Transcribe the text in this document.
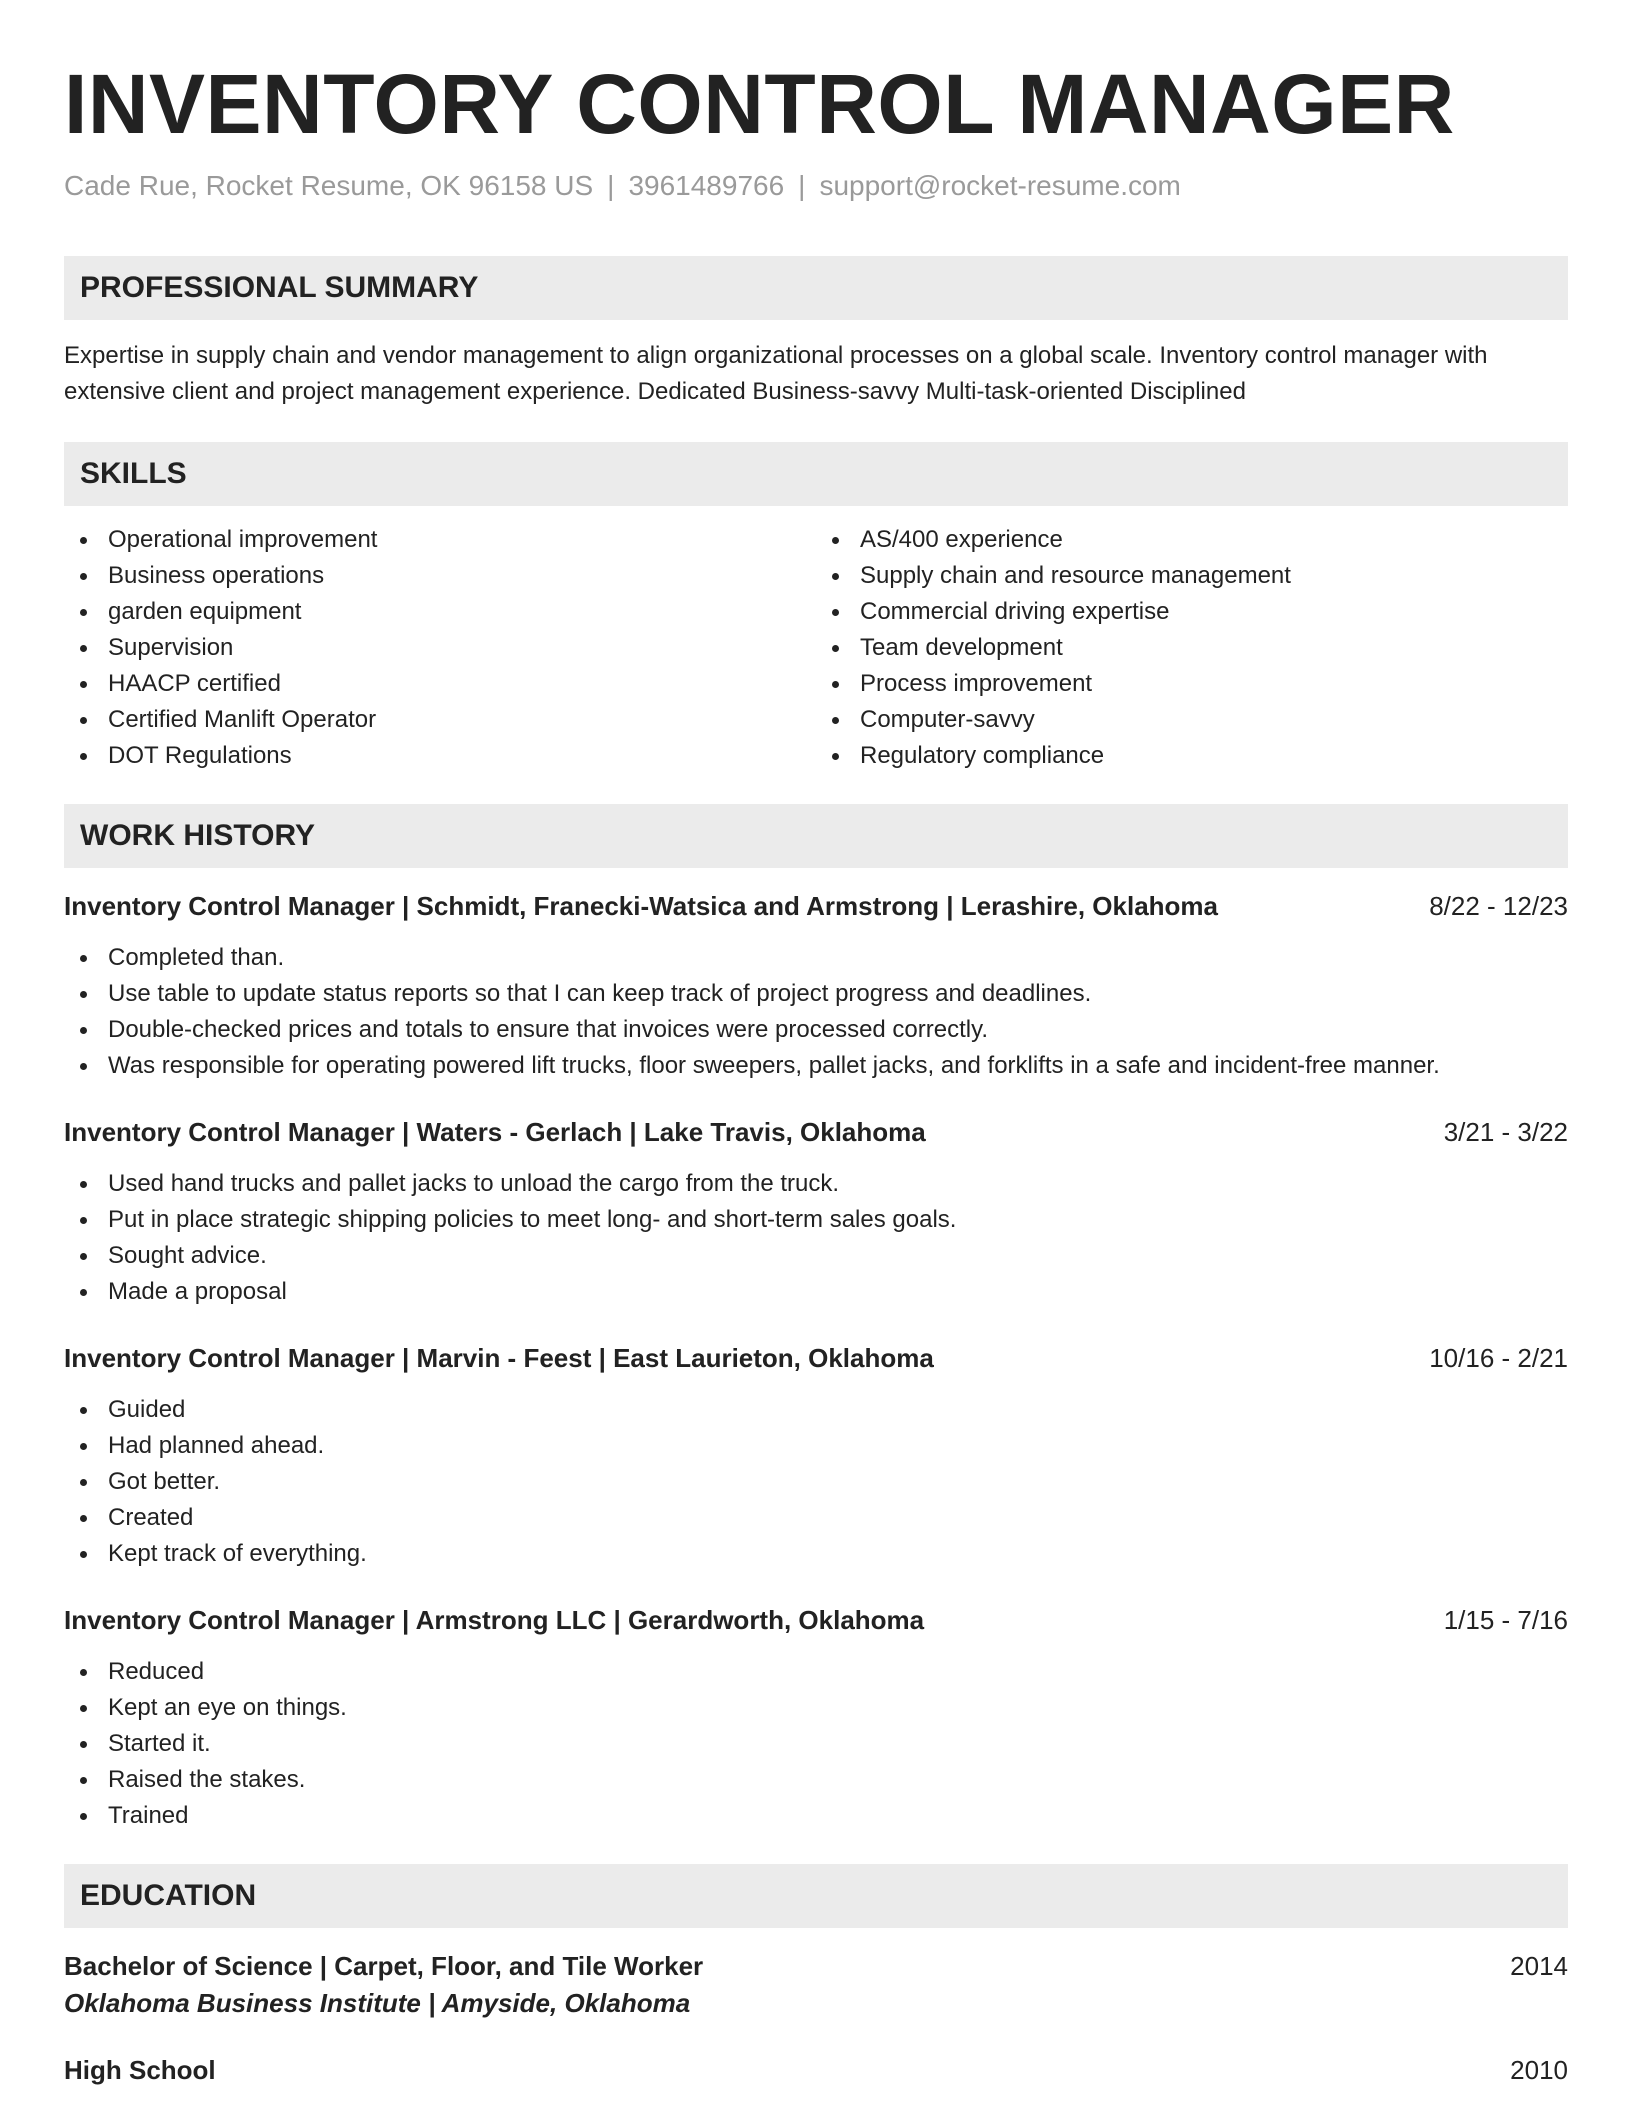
INVENTORY CONTROL MANAGER
Cade Rue, Rocket Resume, OK 96158 US | 3961489766 | support@rocket-resume.com
PROFESSIONAL SUMMARY

Expertise in supply chain and vendor management to align organizational processes on a global scale. Inventory control manager with extensive client and project management experience. Dedicated Business-savvy Multi-task-oriented Disciplined

SKILLS
Operational improvement
Business operations
garden equipment
Supervision
HAACP certified
Certified Manlift Operator
DOT Regulations
AS/400 experience
Supply chain and resource management
Commercial driving expertise
Team development
Process improvement
Computer-savvy
Regulatory compliance
WORK HISTORY
Inventory Control Manager | Schmidt, Franecki-Watsica and Armstrong | Lerashire, Oklahoma	8/22 - 12/23
Completed than.
Use table to update status reports so that I can keep track of project progress and deadlines.
Double-checked prices and totals to ensure that invoices were processed correctly.
Was responsible for operating powered lift trucks, floor sweepers, pallet jacks, and forklifts in a safe and incident-free manner.
Inventory Control Manager | Waters - Gerlach | Lake Travis, Oklahoma	3/21 - 3/22
Used hand trucks and pallet jacks to unload the cargo from the truck.
Put in place strategic shipping policies to meet long- and short-term sales goals.
Sought advice.
Made a proposal
Inventory Control Manager | Marvin - Feest | East Laurieton, Oklahoma	10/16 - 2/21
Guided
Had planned ahead.
Got better.
Created
Kept track of everything.
Inventory Control Manager | Armstrong LLC | Gerardworth, Oklahoma	1/15 - 7/16
Reduced
Kept an eye on things.
Started it.
Raised the stakes.
Trained
EDUCATION
Bachelor of Science | Carpet, Floor, and Tile Worker	2014
Oklahoma Business Institute | Amyside, Oklahoma
High School	2010
